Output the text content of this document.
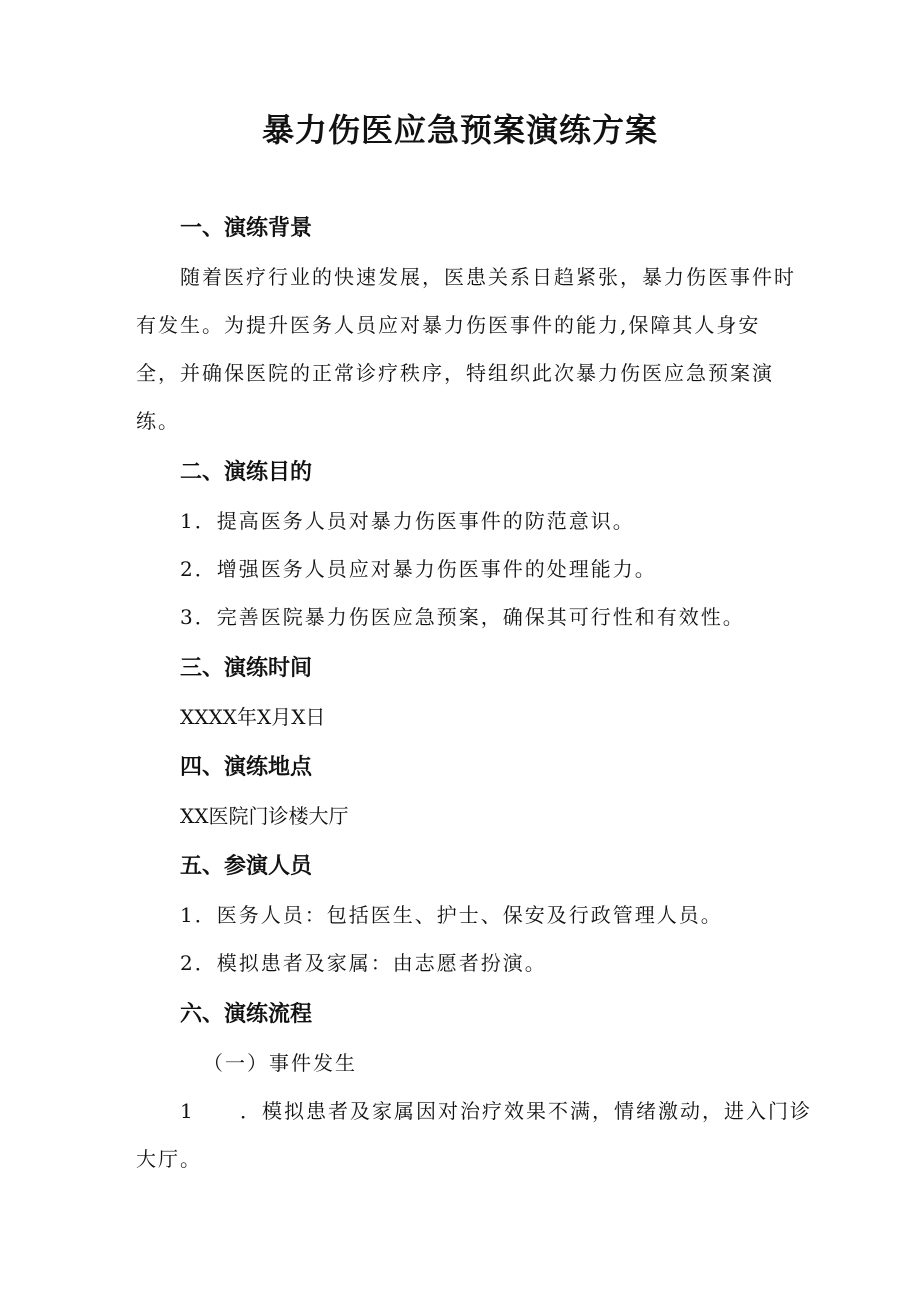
暴力伤医应急预案演练方案
一、演练背景
随着医疗行业的快速发展，医患关系日趋紧张，暴力伤医事件时
有发生。为提升医务人员应对暴力伤医事件的能力,保障其人身安
全，并确保医院的正常诊疗秩序，特组织此次暴力伤医应急预案演
练。
二、演练目的
1．提高医务人员对暴力伤医事件的防范意识。
2．增强医务人员应对暴力伤医事件的处理能力。
3．完善医院暴力伤医应急预案，确保其可行性和有效性。
三、演练时间
XXXX年X月X日
四、演练地点
XX医院门诊楼大厅
五、参演人员
1．医务人员：包括医生、护士、保安及行政管理人员。
2．模拟患者及家属：由志愿者扮演。
六、演练流程
（一）事件发生
1 ．模拟患者及家属因对治疗效果不满，情绪激动，进入门诊
大厅。
